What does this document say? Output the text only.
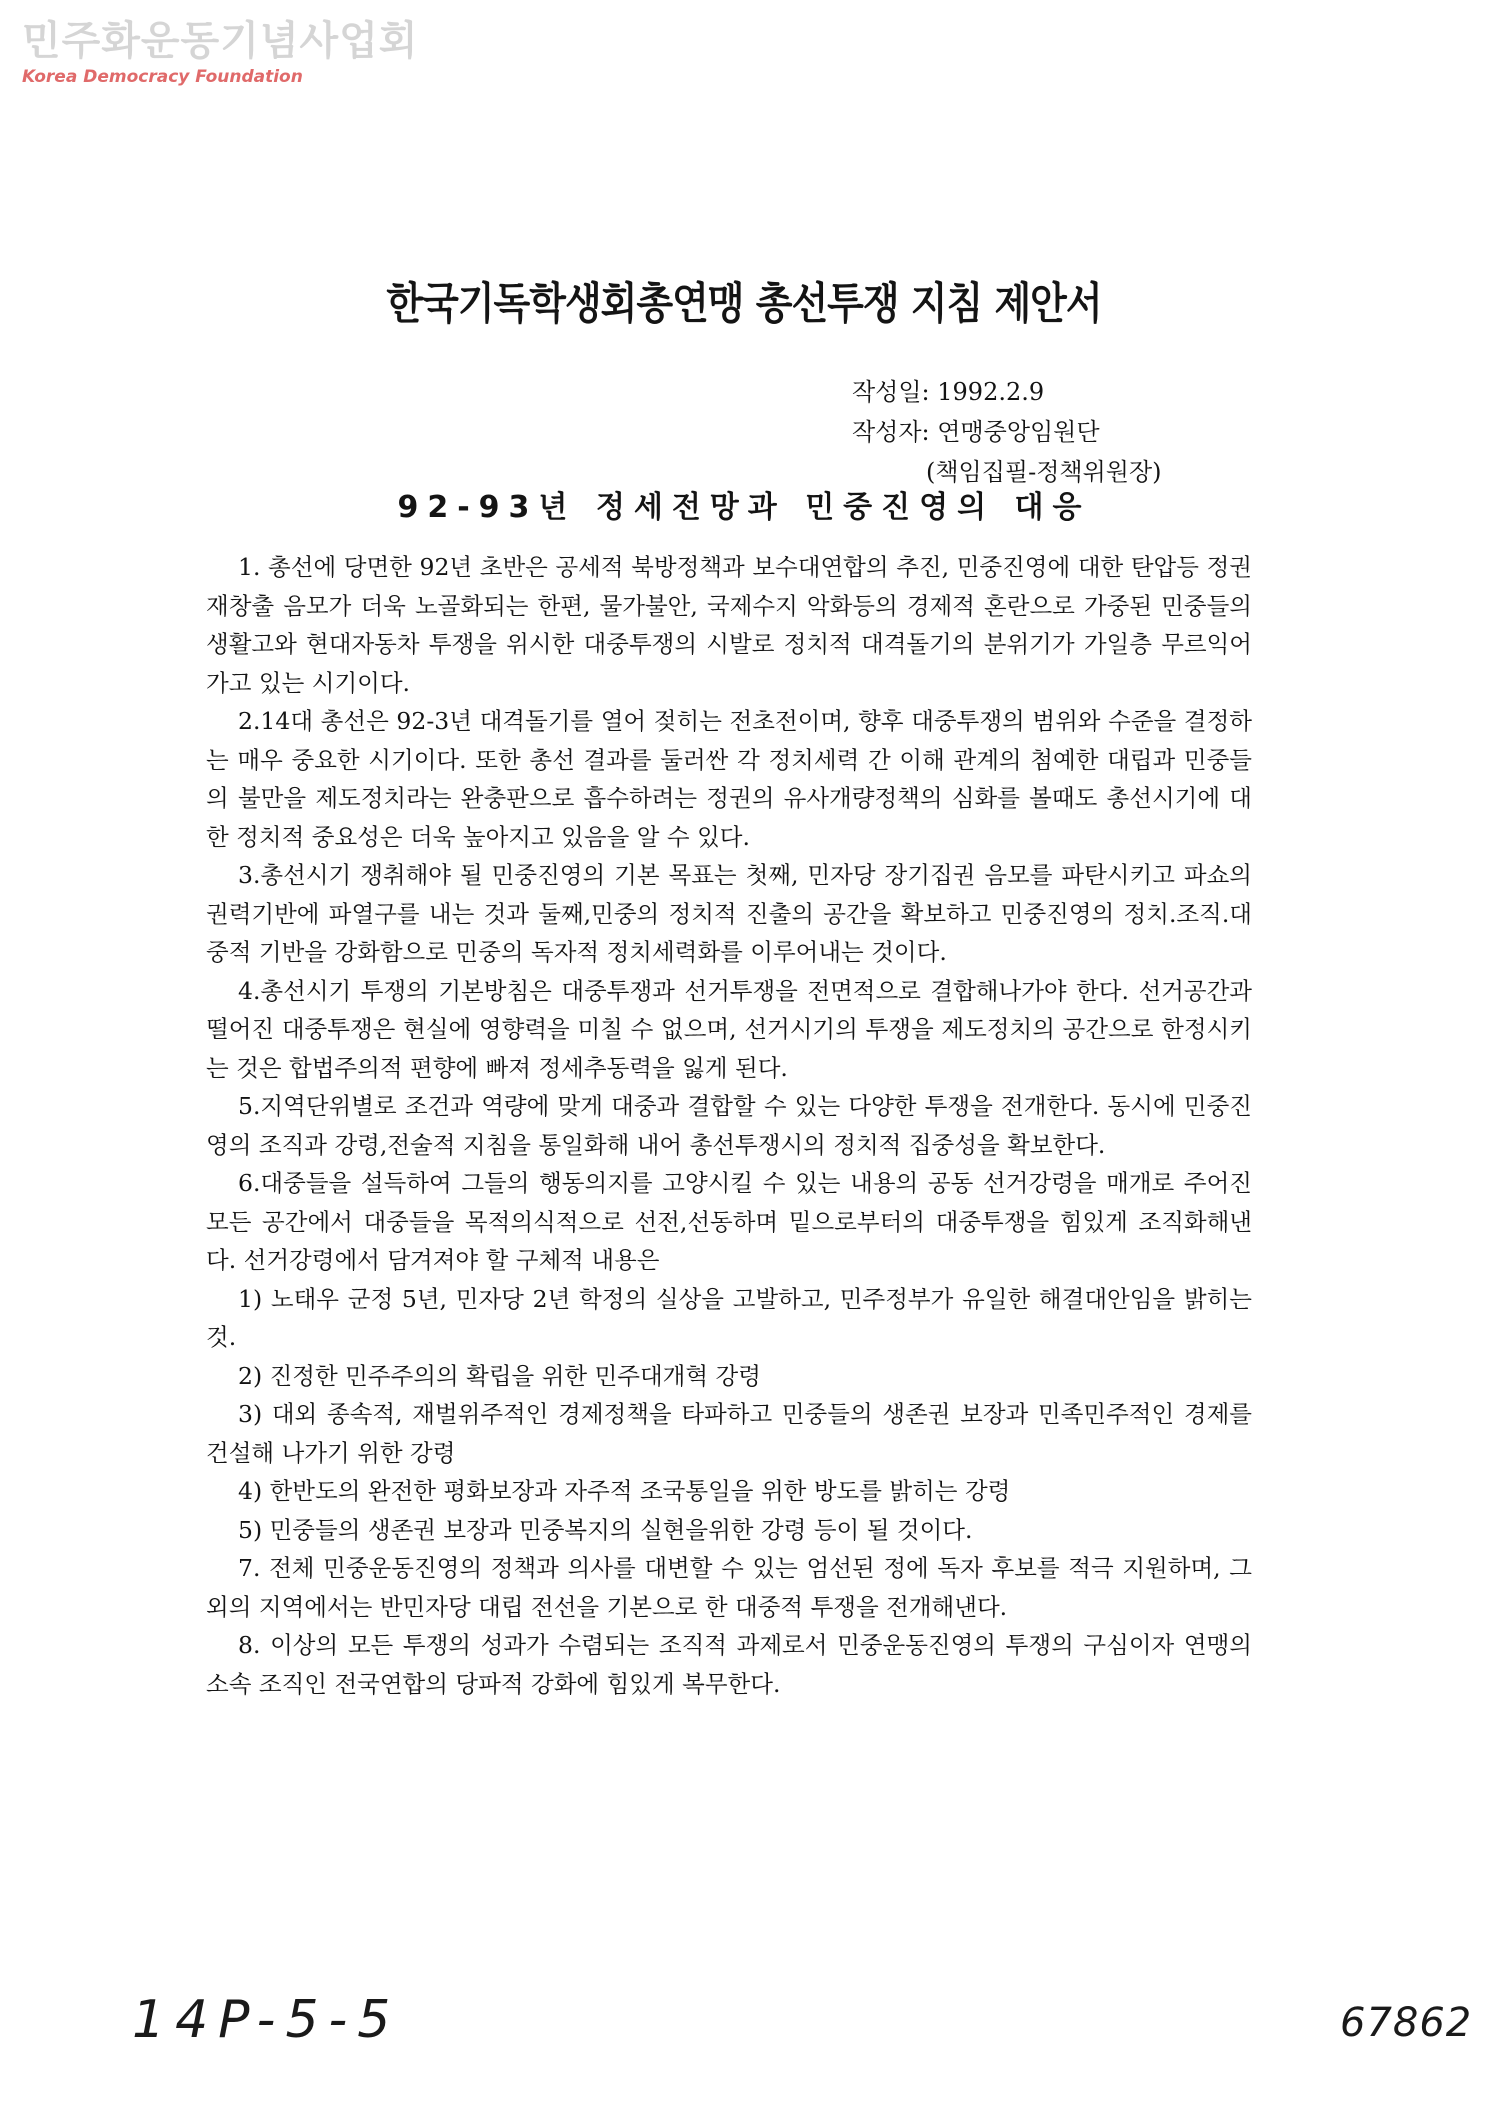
민주화운동기념사업회
Korea Democracy Foundation
한국기독학생회총연맹 총선투쟁 지침 제안서
작성일: 1992.2.9
작성자: 연맹중앙임원단
(책임집필-정책위원장)
92-93년 정세전망과 민중진영의 대응

1. 총선에 당면한 92년 초반은 공세적 북방정책과 보수대연합의 추진, 민중진영에 대한 탄압등 정권재창출 음모가 더욱 노골화되는 한편, 물가불안, 국제수지 악화등의 경제적 혼란으로 가중된 민중들의 생활고와 현대자동차 투쟁을 위시한 대중투쟁의 시발로 정치적 대격돌기의 분위기가 가일층 무르익어 가고 있는 시기이다.

2.14대 총선은 92-3년 대격돌기를 열어 젖히는 전초전이며, 향후 대중투쟁의 범위와 수준을 결정하는 매우 중요한 시기이다. 또한 총선 결과를 둘러싼 각 정치세력 간 이해 관계의 첨예한 대립과 민중들의 불만을 제도정치라는 완충판으로 흡수하려는 정권의 유사개량정책의 심화를 볼때도 총선시기에 대한 정치적 중요성은 더욱 높아지고 있음을 알 수 있다.

3.총선시기 쟁취해야 될 민중진영의 기본 목표는 첫째, 민자당 장기집권 음모를 파탄시키고 파쇼의 권력기반에 파열구를 내는 것과 둘째,민중의 정치적 진출의 공간을 확보하고 민중진영의 정치.조직.대중적 기반을 강화함으로 민중의 독자적 정치세력화를 이루어내는 것이다.

4.총선시기 투쟁의 기본방침은 대중투쟁과 선거투쟁을 전면적으로 결합해나가야 한다. 선거공간과 떨어진 대중투쟁은 현실에 영향력을 미칠 수 없으며, 선거시기의 투쟁을 제도정치의 공간으로 한정시키는 것은 합법주의적 편향에 빠져 정세추동력을 잃게 된다.

5.지역단위별로 조건과 역량에 맞게 대중과 결합할 수 있는 다양한 투쟁을 전개한다. 동시에 민중진영의 조직과 강령,전술적 지침을 통일화해 내어 총선투쟁시의 정치적 집중성을 확보한다.

6.대중들을 설득하여 그들의 행동의지를 고양시킬 수 있는 내용의 공동 선거강령을 매개로 주어진 모든 공간에서 대중들을 목적의식적으로 선전,선동하며 밑으로부터의 대중투쟁을 힘있게 조직화해낸다. 선거강령에서 담겨져야 할 구체적 내용은

1) 노태우 군정 5년, 민자당 2년 학정의 실상을 고발하고, 민주정부가 유일한 해결대안임을 밝히는 것.

2) 진정한 민주주의의 확립을 위한 민주대개혁 강령

3) 대외 종속적, 재벌위주적인 경제정책을 타파하고 민중들의 생존권 보장과 민족민주적인 경제를 건설해 나가기 위한 강령

4) 한반도의 완전한 평화보장과 자주적 조국통일을 위한 방도를 밝히는 강령

5) 민중들의 생존권 보장과 민중복지의 실현을위한 강령 등이 될 것이다.

7. 전체 민중운동진영의 정책과 의사를 대변할 수 있는 엄선된 정에 독자 후보를 적극 지원하며, 그 외의 지역에서는 반민자당 대립 전선을 기본으로 한 대중적 투쟁을 전개해낸다.

8. 이상의 모든 투쟁의 성과가 수렴되는 조직적 과제로서 민중운동진영의 투쟁의 구심이자 연맹의 소속 조직인 전국연합의 당파적 강화에 힘있게 복무한다.

14P-5-5	67862
